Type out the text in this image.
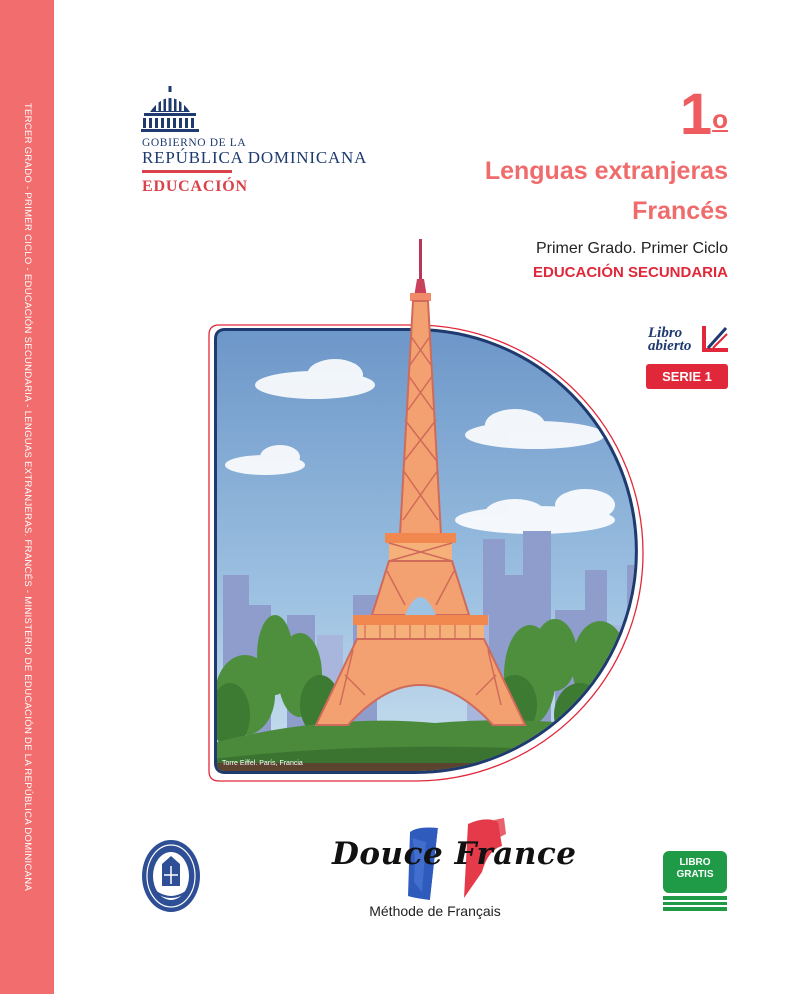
TERCER GRADO - PRIMER CICLO - EDUCACIÓN SECUNDARIA - LENGUAS EXTRANJERAS. FRANCÉS - MINISTERIO DE EDUCACIÓN DE LA REPÚBLICA DOMINICANA	GOBIERNO DE LA
REPÚBLICA DOMINICANA
EDUCACIÓN
1$^o$
Lenguas extranjeras
Francés
Primer Grado. Primer Ciclo
EDUCACIÓN SECUNDARIA
Libro
abierto
SERIE 1
Torre Eiffel. París, Francia
Douce France
Méthode de Français
LIBRO
GRATIS
